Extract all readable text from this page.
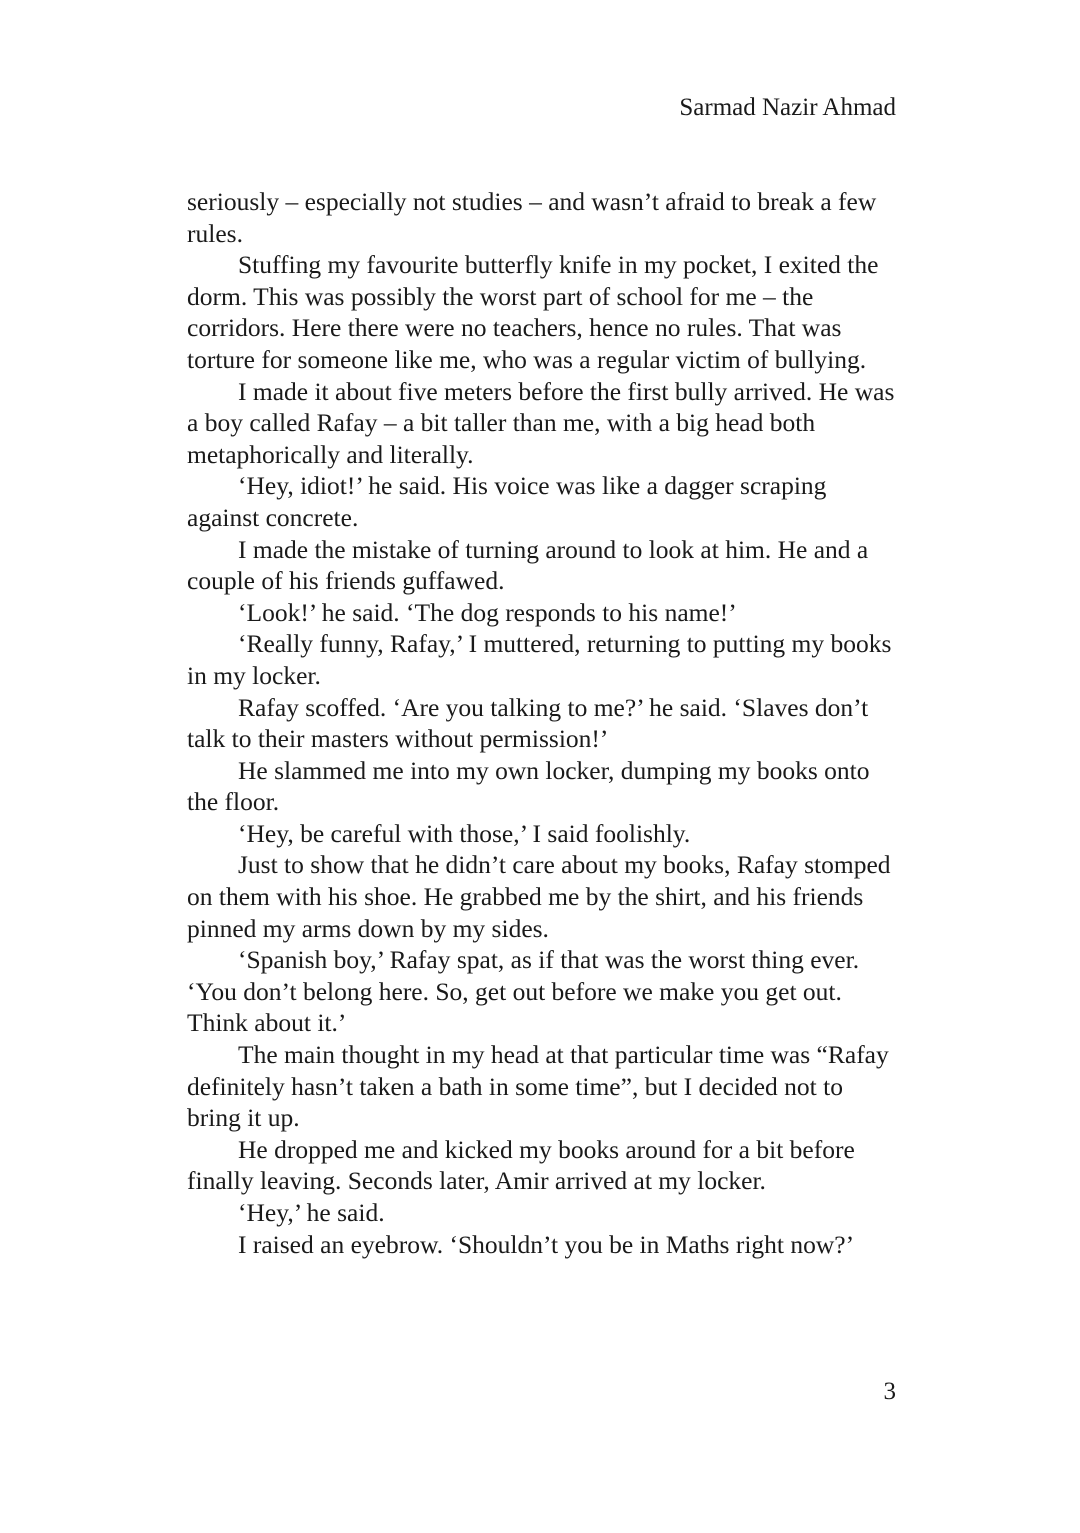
Sarmad Nazir Ahmad

seriously – especially not studies – and wasn’t afraid to break a few rules.

Stuffing my favourite butterfly knife in my pocket, I exited the dorm. This was possibly the worst part of school for me – the corridors. Here there were no teachers, hence no rules. That was torture for someone like me, who was a regular victim of bullying.

I made it about five meters before the first bully arrived. He was a boy called Rafay – a bit taller than me, with a big head both metaphorically and literally.

‘Hey, idiot!’ he said. His voice was like a dagger scraping against concrete.

I made the mistake of turning around to look at him. He and a couple of his friends guffawed.

‘Look!’ he said. ‘The dog responds to his name!’

‘Really funny, Rafay,’ I muttered, returning to putting my books in my locker.

Rafay scoffed. ‘Are you talking to me?’ he said. ‘Slaves don’t talk to their masters without permission!’

He slammed me into my own locker, dumping my books onto the floor.

‘Hey, be careful with those,’ I said foolishly.

Just to show that he didn’t care about my books, Rafay stomped on them with his shoe. He grabbed me by the shirt, and his friends pinned my arms down by my sides.

‘Spanish boy,’ Rafay spat, as if that was the worst thing ever. ‘You don’t belong here. So, get out before we make you get out. Think about it.’

The main thought in my head at that particular time was “Rafay definitely hasn’t taken a bath in some time”, but I decided not to bring it up.

He dropped me and kicked my books around for a bit before finally leaving. Seconds later, Amir arrived at my locker.

‘Hey,’ he said.

I raised an eyebrow. ‘Shouldn’t you be in Maths right now?’

3
